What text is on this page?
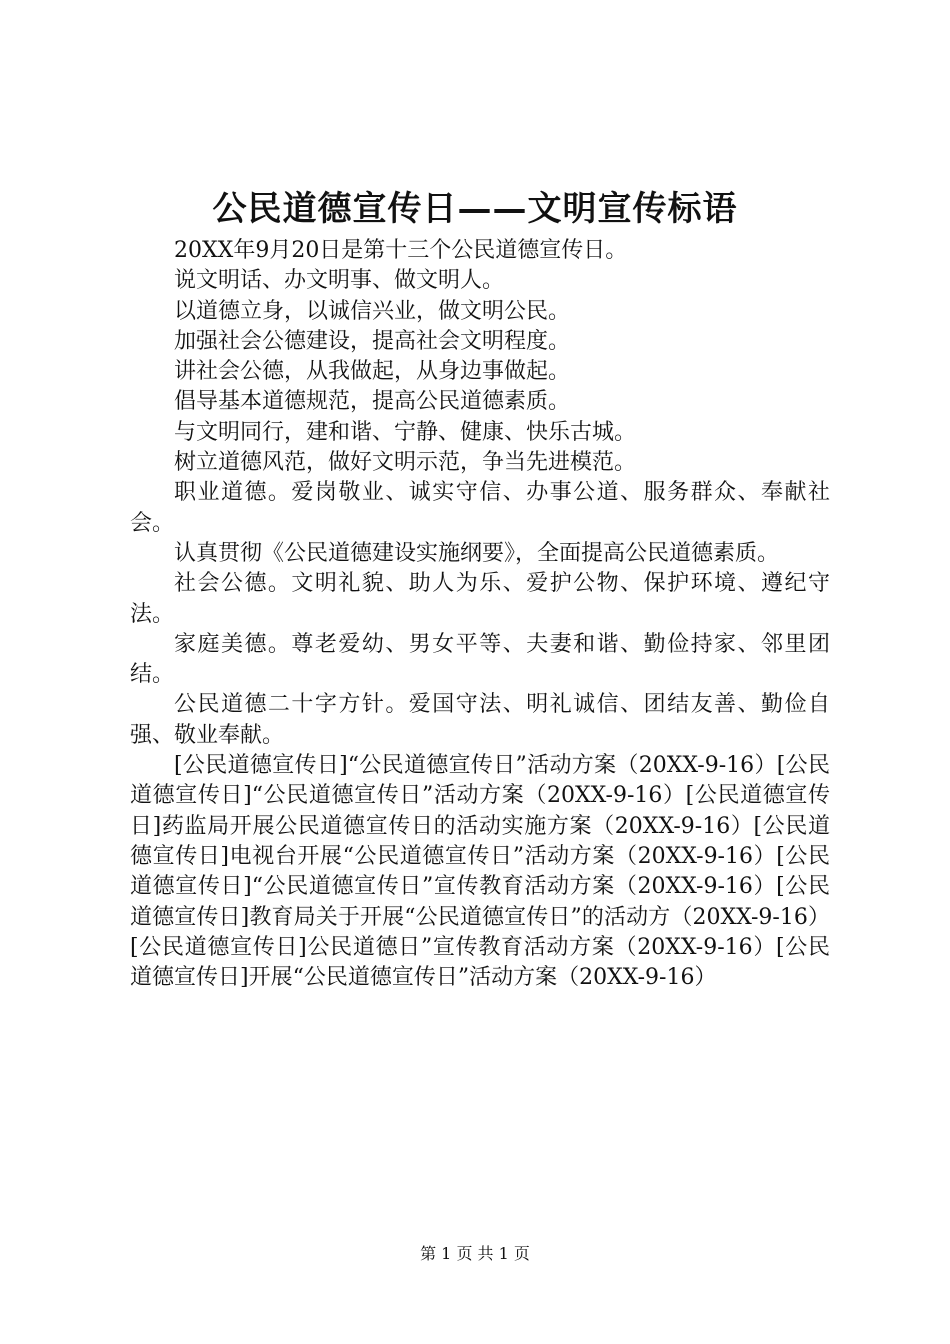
公民道德宣传日——文明宣传标语

20XX年9月20日是第十三个公民道德宣传日。

说文明话、办文明事、做文明人。

以道德立身，以诚信兴业，做文明公民。

加强社会公德建设，提高社会文明程度。

讲社会公德，从我做起，从身边事做起。

倡导基本道德规范，提高公民道德素质。

与文明同行，建和谐、宁静、健康、快乐古城。

树立道德风范，做好文明示范，争当先进模范。

职业道德。爱岗敬业、诚实守信、办事公道、服务群众、奉献社会。

认真贯彻《公民道德建设实施纲要》，全面提高公民道德素质。

社会公德。文明礼貌、助人为乐、爱护公物、保护环境、遵纪守法。

家庭美德。尊老爱幼、男女平等、夫妻和谐、勤俭持家、邻里团结。

公民道德二十字方针。爱国守法、明礼诚信、团结友善、勤俭自强、敬业奉献。

[公民道德宣传日]“公民道德宣传日”活动方案（20XX-9-16）[公民道德宣传日]“公民道德宣传日”活动方案（20XX-9-16）[公民道德宣传日]药监局开展公民道德宣传日的活动实施方案（20XX-9-16）[公民道德宣传日]电视台开展“公民道德宣传日”活动方案（20XX-9-16）[公民道德宣传日]“公民道德宣传日”宣传教育活动方案（20XX-9-16）[公民道德宣传日]教育局关于开展“公民道德宣传日”的活动方（20XX-9-16）[公民道德宣传日]公民道德日”宣传教育活动方案（20XX-9-16）[公民道德宣传日]开展“公民道德宣传日”活动方案（20XX-9-16）

第 1 页 共 1 页
